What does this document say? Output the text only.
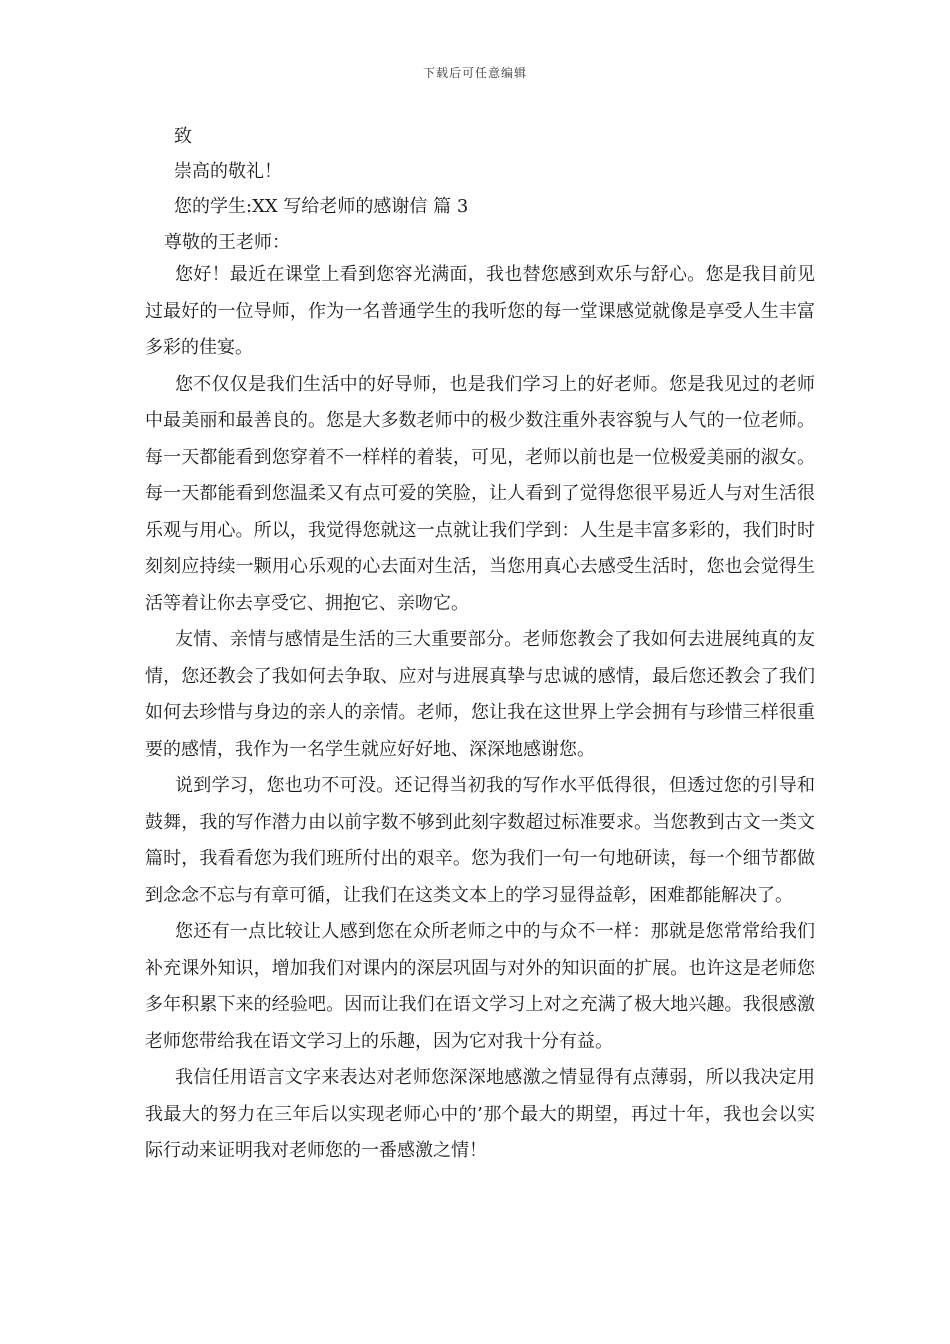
下载后可任意编辑
致
崇高的敬礼！
您的学生:XX 写给老师的感谢信 篇 3
尊敬的王老师：

您好！最近在课堂上看到您容光满面，我也替您感到欢乐与舒心。您是我目前见过最好的一位导师，作为一名普通学生的我听您的每一堂课感觉就像是享受人生丰富多彩的佳宴。

您不仅仅是我们生活中的好导师，也是我们学习上的好老师。您是我见过的老师中最美丽和最善良的。您是大多数老师中的极少数注重外表容貌与人气的一位老师。每一天都能看到您穿着不一样样的着装，可见，老师以前也是一位极爱美丽的淑女。每一天都能看到您温柔又有点可爱的笑脸，让人看到了觉得您很平易近人与对生活很乐观与用心。所以，我觉得您就这一点就让我们学到：人生是丰富多彩的，我们时时刻刻应持续一颗用心乐观的心去面对生活，当您用真心去感受生活时，您也会觉得生活等着让你去享受它、拥抱它、亲吻它。

友情、亲情与感情是生活的三大重要部分。老师您教会了我如何去进展纯真的友情，您还教会了我如何去争取、应对与进展真挚与忠诚的感情，最后您还教会了我们如何去珍惜与身边的亲人的亲情。老师，您让我在这世界上学会拥有与珍惜三样很重要的感情，我作为一名学生就应好好地、深深地感谢您。

说到学习，您也功不可没。还记得当初我的写作水平低得很，但透过您的引导和鼓舞，我的写作潜力由以前字数不够到此刻字数超过标准要求。当您教到古文一类文篇时，我看看您为我们班所付出的艰辛。您为我们一句一句地研读，每一个细节都做到念念不忘与有章可循，让我们在这类文本上的学习显得益彰，困难都能解决了。

您还有一点比较让人感到您在众所老师之中的与众不一样：那就是您常常给我们补充课外知识，增加我们对课内的深层巩固与对外的知识面的扩展。也许这是老师您多年积累下来的经验吧。因而让我们在语文学习上对之充满了极大地兴趣。我很感激老师您带给我在语文学习上的乐趣，因为它对我十分有益。

我信任用语言文字来表达对老师您深深地感激之情显得有点薄弱，所以我决定用我最大的努力在三年后以实现老师心中的’那个最大的期望，再过十年，我也会以实际行动来证明我对老师您的一番感激之情！
